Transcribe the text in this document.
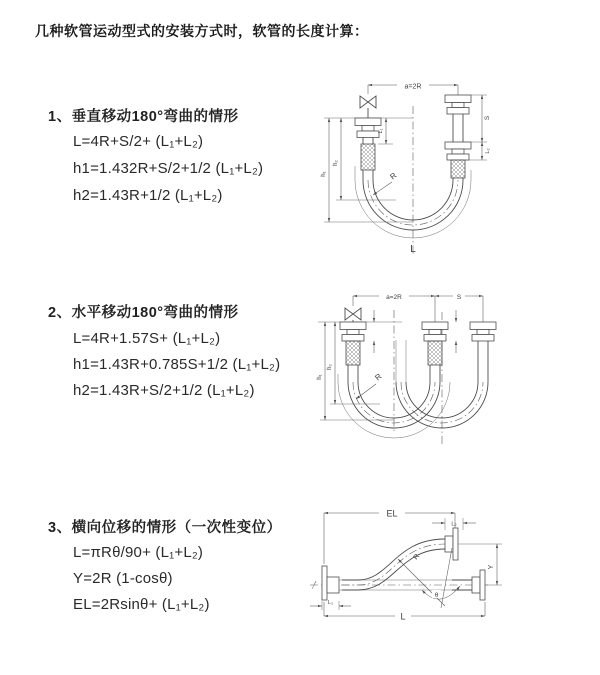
几种软管运动型式的安装方式时，软管的长度计算：
1、垂直移动180°弯曲的情形
L=4R+S/2+ (L₁+L₂)
h1=1.432R+S/2+1/2 (L₁+L₂)
h2=1.43R+1/2 (L₁+L₂)
a=2R
L
L₁
S
L₂
h₁
h₂
R
2、水平移动180°弯曲的情形
L=4R+1.57S+ (L₁+L₂)
h1=1.43R+0.785S+1/2 (L₁+L₂)
h2=1.43R+S/2+1/2 (L₁+L₂)
a=2R	S
h₁
h₂
R
3、横向位移的情形（一次性变位）
L=πRθ/90+ (L₁+L₂)
Y=2R (1-cosθ)
EL=2Rsinθ+ (L₁+L₂)
θ
R
EL
L₂
Y
L
L₁
